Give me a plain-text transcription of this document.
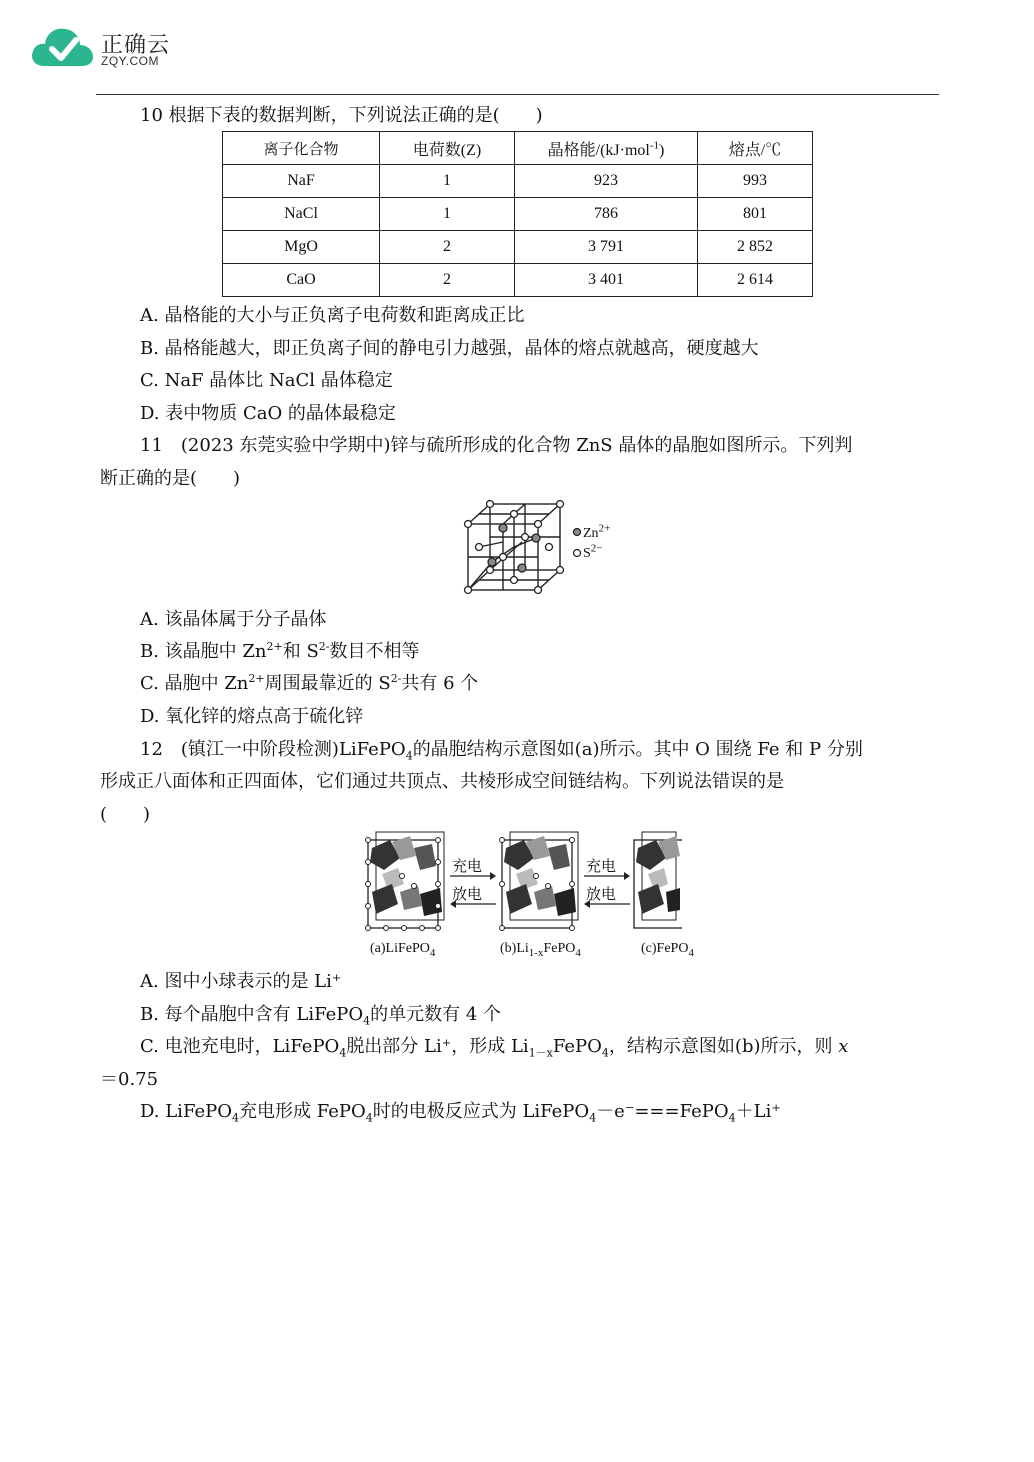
正确云
ZQY.COM
10 根据下表的数据判断，下列说法正确的是(　　)
离子化合物	电荷数(Z)	晶格能/(kJ·mol$^{-1}$)	熔点/℃
NaF	1	923	993
NaCl	1	786	801
MgO	2	3 791	2 852
CaO	2	3 401	2 614
A. 晶格能的大小与正负离子电荷数和距离成正比
B. 晶格能越大，即正负离子间的静电引力越强，晶体的熔点就越高，硬度越大
C. NaF 晶体比 NaCl 晶体稳定
D. 表中物质 CaO 的晶体最稳定
11　(2023 东莞实验中学期中)锌与硫所形成的化合物 ZnS 晶体的晶胞如图所示。下列判
断正确的是(　　)
$Zn^{2+}$
$S^{2-}$
A. 该晶体属于分子晶体
B. 该晶胞中 $Zn^{2+}$和 $S^{2-}$数目不相等
C. 晶胞中 $Zn^{2+}$周围最靠近的 $S^{2-}$共有 6 个
D. 氧化锌的熔点高于硫化锌
12　(镇江一中阶段检测)LiFePO$_4$的晶胞结构示意图如(a)所示。其中 O 围绕 Fe 和 P 分别
形成正八面体和正四面体，它们通过共顶点、共棱形成空间链结构。下列说法错误的是
(　　)
充电
放电
充电
放电
(a)LiFePO$_4$	$(b)Li_{1-x}FePO_4$	(c)FePO$_4$
A. 图中小球表示的是 Li⁺
B. 每个晶胞中含有 LiFePO$_4$的单元数有 4 个
C. 电池充电时，LiFePO$_4$脱出部分 Li⁺，形成 $Li_{1-x}FePO_4$，结构示意图如(b)所示，则 x
＝0.75
D. LiFePO$_4$充电形成 FePO$_4$时的电极反应式为 LiFePO$_4$－e⁻===FePO$_4$＋Li⁺
